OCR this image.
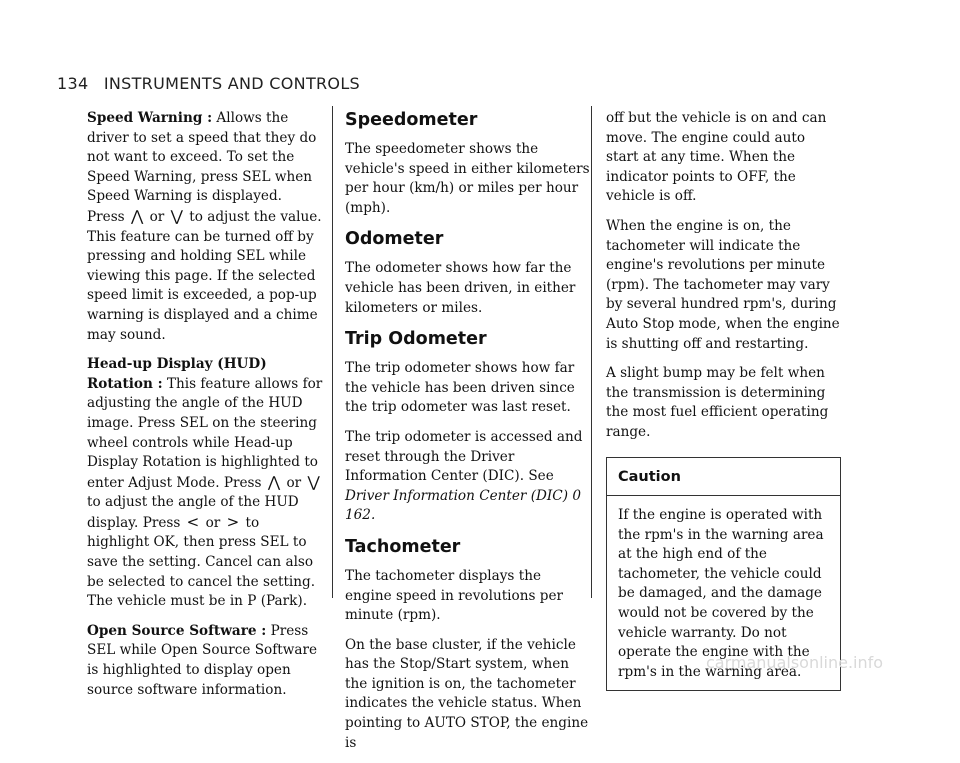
134 INSTRUMENTS AND CONTROLS

Speed Warning : Allows the driver to set a speed that they do not want to exceed. To set the Speed Warning, press SEL when Speed Warning is displayed. Press ⋀ or ⋁ to adjust the value. This feature can be turned off by pressing and holding SEL while viewing this page. If the selected speed limit is exceeded, a pop-up warning is displayed and a chime may sound.

Head-up Display (HUD) Rotation : This feature allows for adjusting the angle of the HUD image. Press SEL on the steering wheel controls while Head-up Display Rotation is highlighted to enter Adjust Mode. Press ⋀ or ⋁ to adjust the angle of the HUD display. Press < or > to highlight OK, then press SEL to save the setting. Cancel can also be selected to cancel the setting. The vehicle must be in P (Park).

Open Source Software : Press SEL while Open Source Software is highlighted to display open source software information.

Speedometer

The speedometer shows the vehicle's speed in either kilometers per hour (km/h) or miles per hour (mph).

Odometer

The odometer shows how far the vehicle has been driven, in either kilometers or miles.

Trip Odometer

The trip odometer shows how far the vehicle has been driven since the trip odometer was last reset.

The trip odometer is accessed and reset through the Driver Information Center (DIC). See Driver Information Center (DIC) 0 162.

Tachometer

The tachometer displays the engine speed in revolutions per minute (rpm).

On the base cluster, if the vehicle has the Stop/Start system, when the ignition is on, the tachometer indicates the vehicle status. When pointing to AUTO STOP, the engine is

off but the vehicle is on and can move. The engine could auto start at any time. When the indicator points to OFF, the vehicle is off.

When the engine is on, the tachometer will indicate the engine's revolutions per minute (rpm). The tachometer may vary by several hundred rpm's, during Auto Stop mode, when the engine is shutting off and restarting.

A slight bump may be felt when the transmission is determining the most fuel efficient operating range.

Caution

If the engine is operated with the rpm's in the warning area at the high end of the tachometer, the vehicle could be damaged, and the damage would not be covered by the vehicle warranty. Do not operate the engine with the rpm's in the warning area.

carmanualsonline.info
